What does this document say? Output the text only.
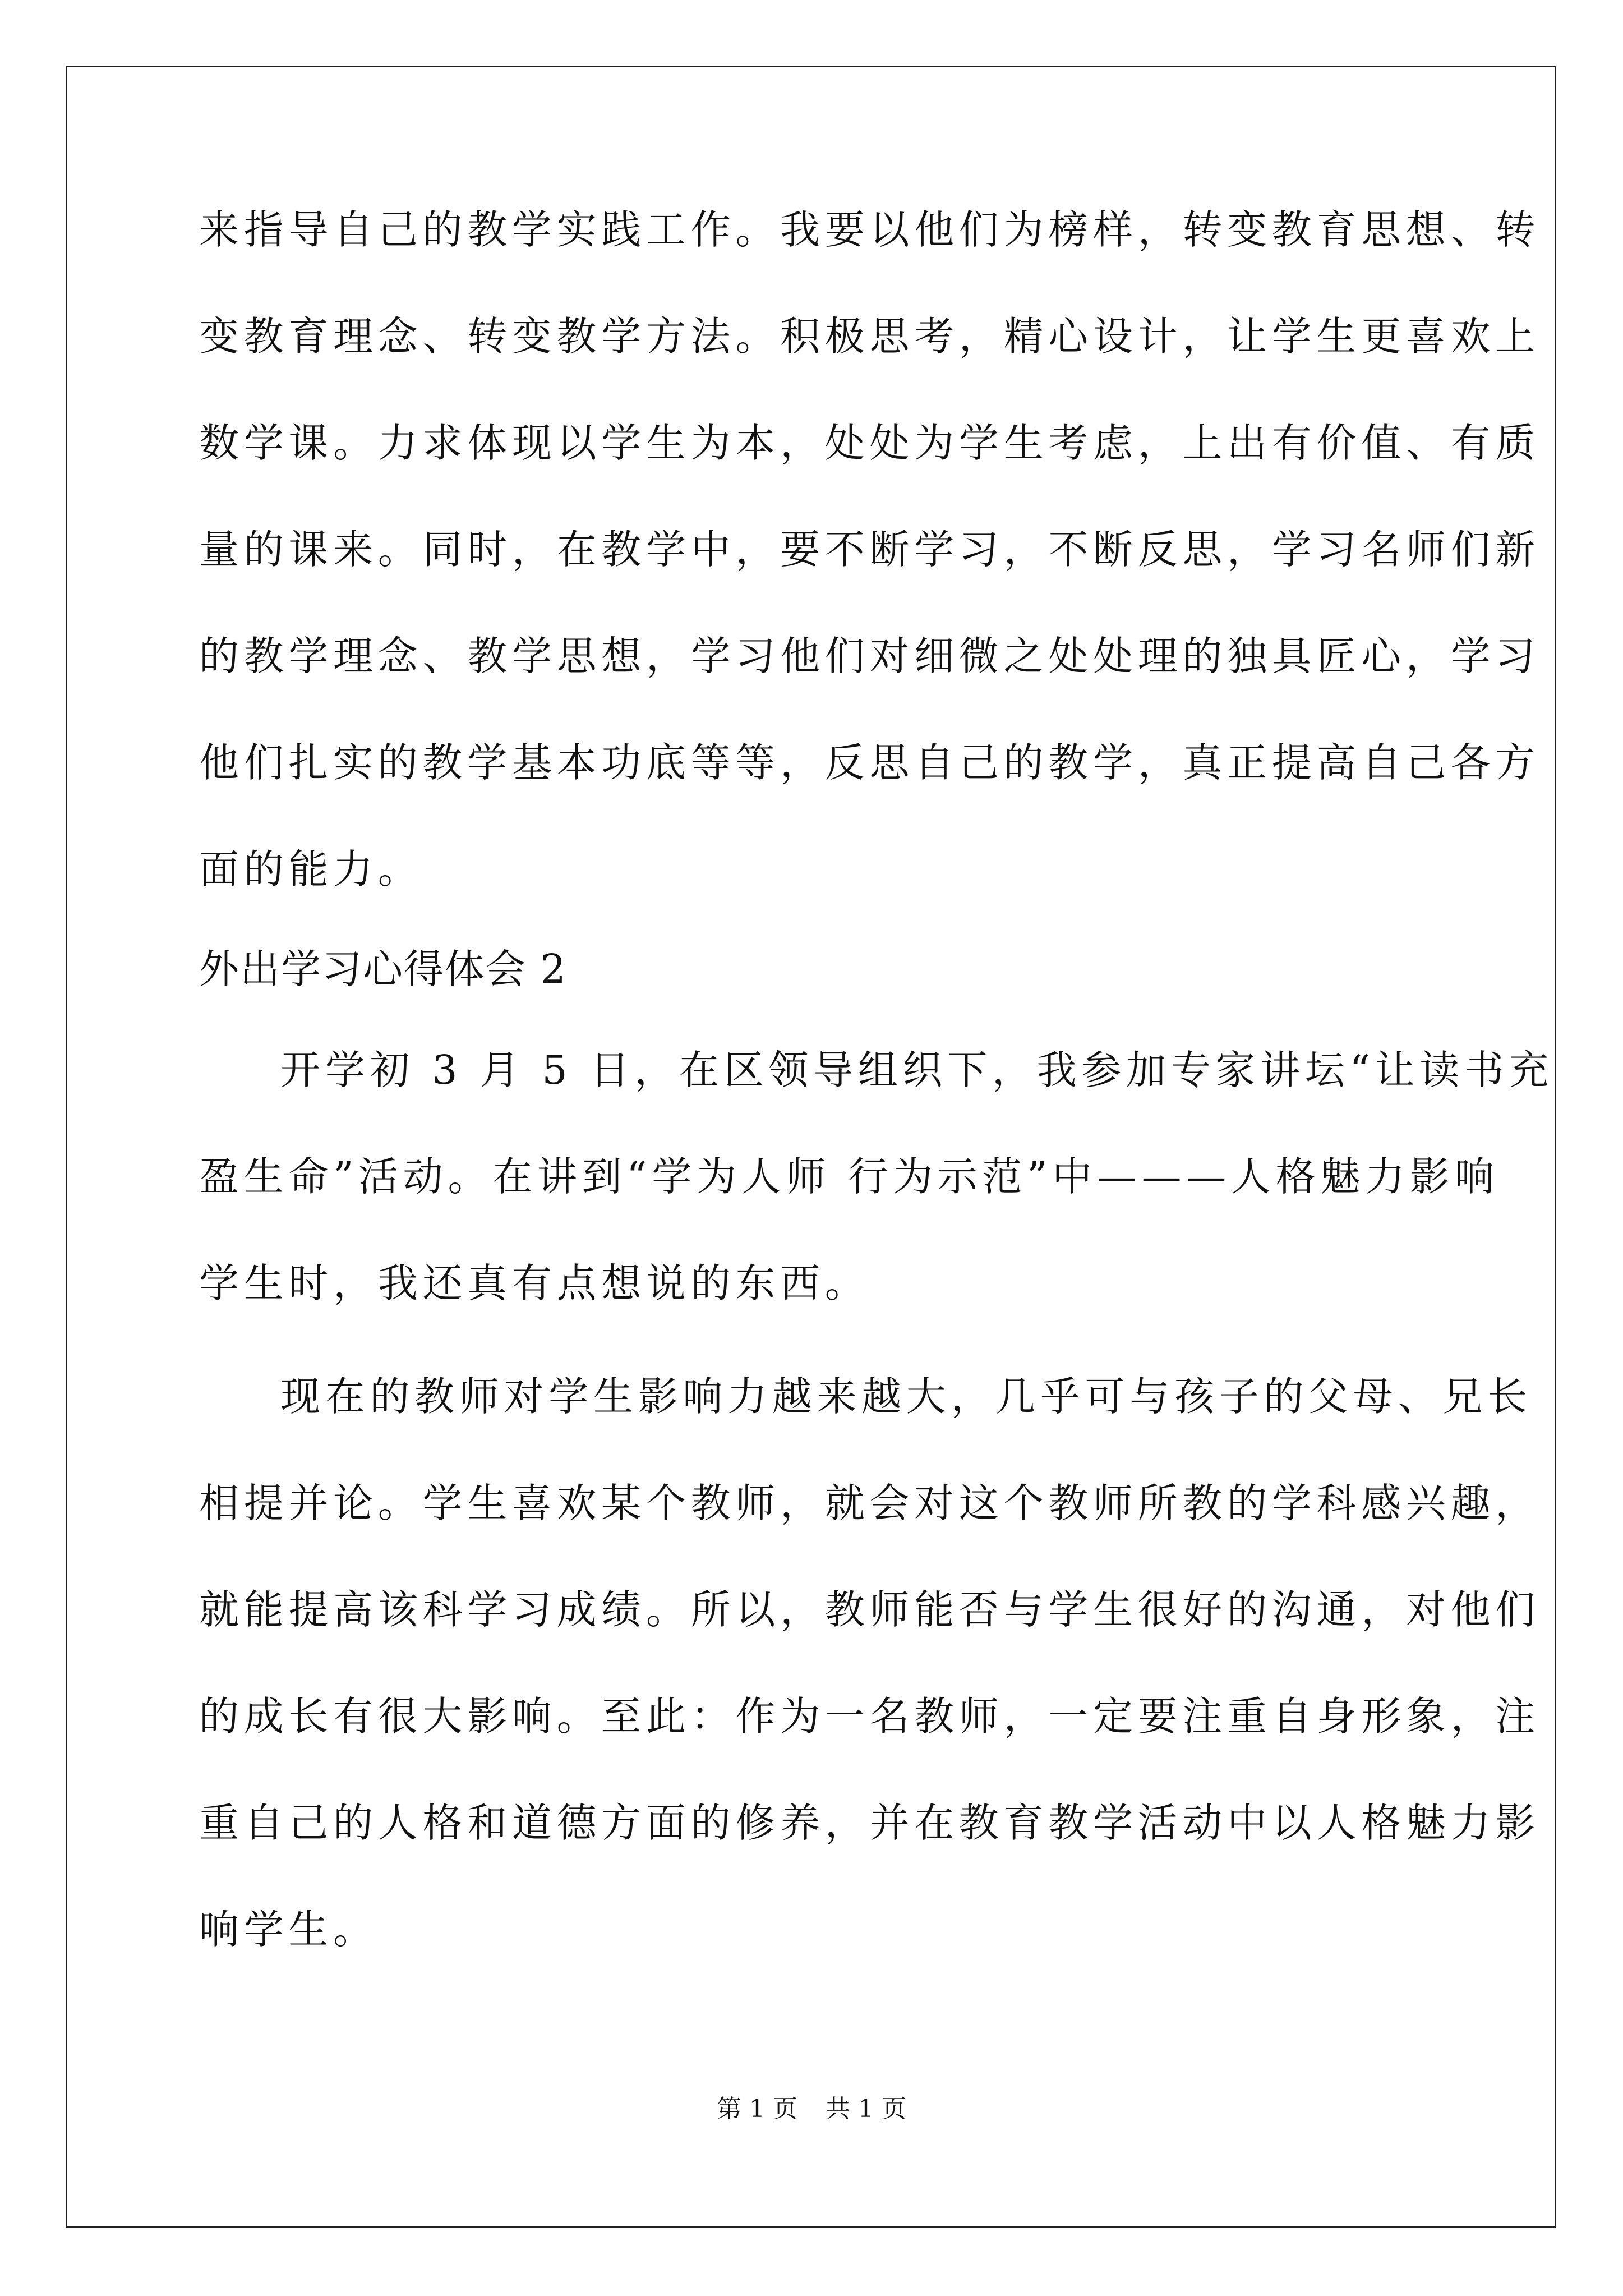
来指导自己的教学实践工作。我要以他们为榜样，转变教育思想、转
变教育理念、转变教学方法。积极思考，精心设计，让学生更喜欢上
数学课。力求体现以学生为本，处处为学生考虑，上出有价值、有质
量的课来。同时，在教学中，要不断学习，不断反思，学习名师们新
的教学理念、教学思想，学习他们对细微之处处理的独具匠心，学习
他们扎实的教学基本功底等等，反思自己的教学，真正提高自己各方
面的能力。
外出学习心得体会 2
开学初 3 月 5 日，在区领导组织下，我参加专家讲坛“让读书充
盈生命”活动。在讲到“学为人师 行为示范”中———人格魅力影响
学生时，我还真有点想说的东西。
现在的教师对学生影响力越来越大，几乎可与孩子的父母、兄长
相提并论。学生喜欢某个教师，就会对这个教师所教的学科感兴趣，
就能提高该科学习成绩。所以，教师能否与学生很好的沟通，对他们
的成长有很大影响。至此：作为一名教师，一定要注重自身形象，注
重自己的人格和道德方面的修养，并在教育教学活动中以人格魅力影
响学生。
第 1 页 共 1 页
